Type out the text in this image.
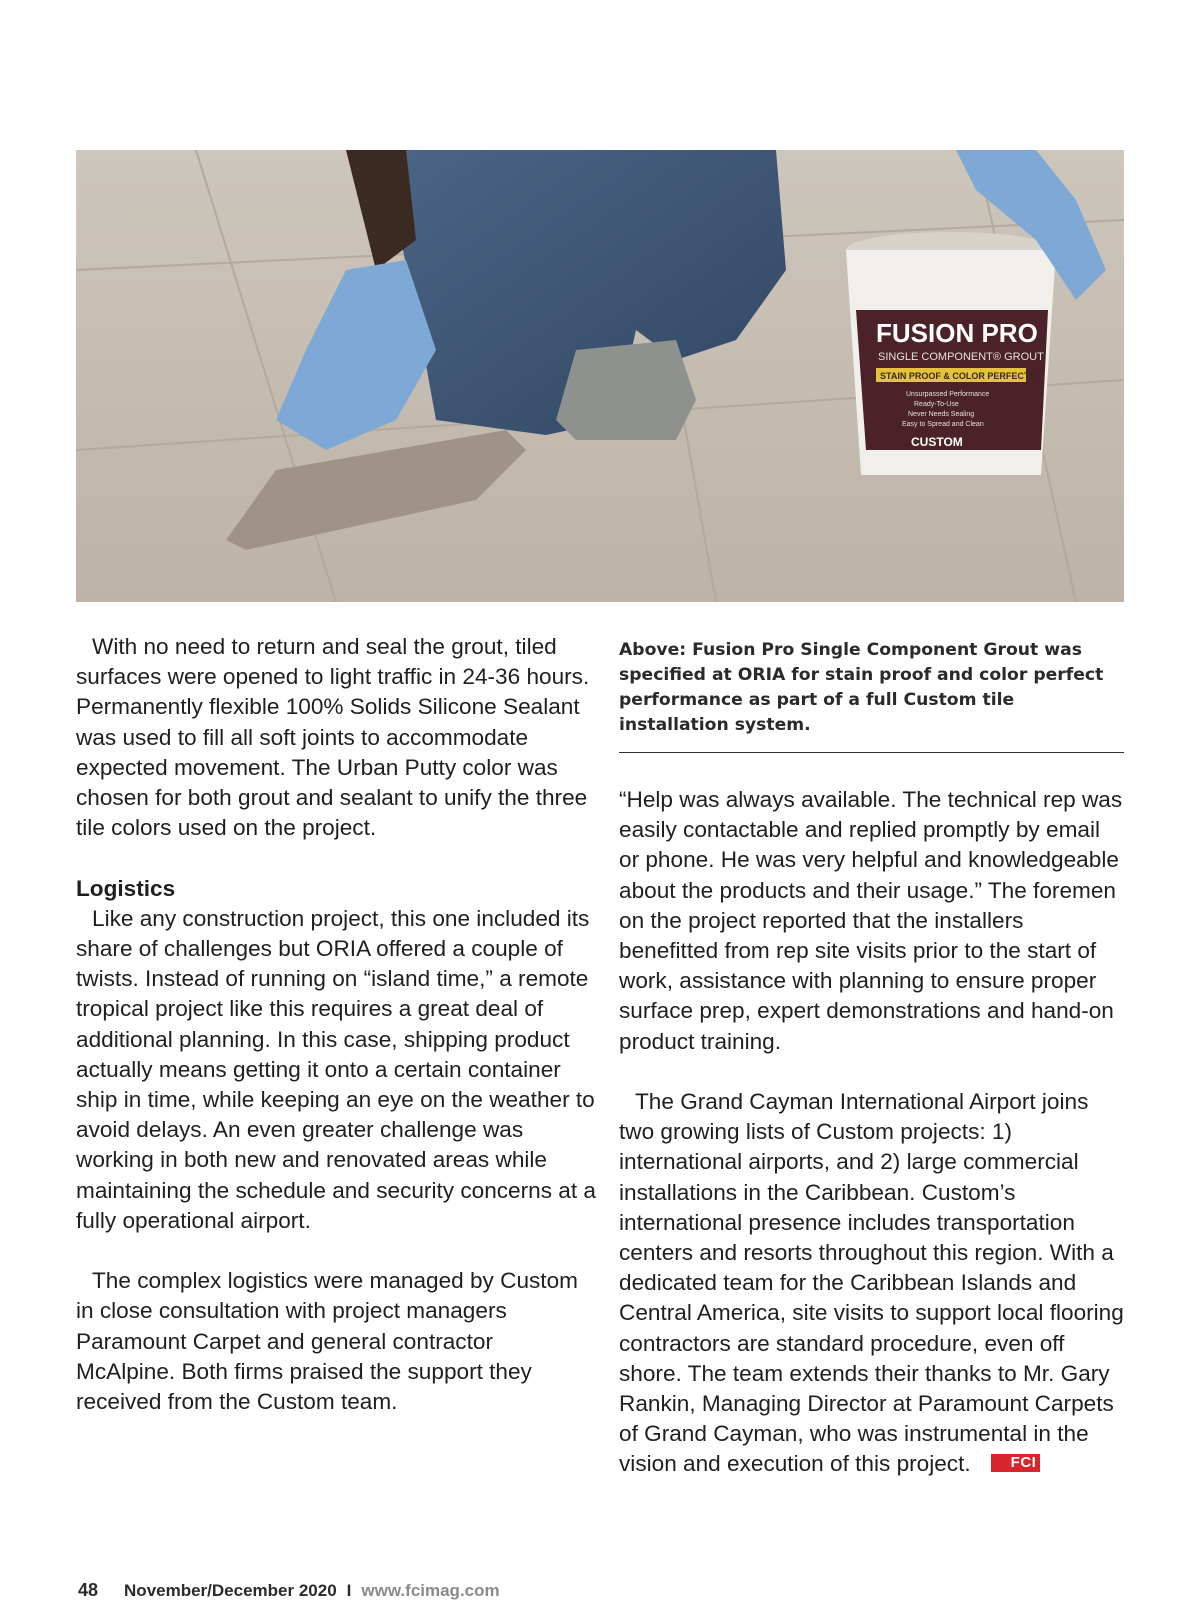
FUSION PRO
SINGLE COMPONENT® GROUT
STAIN PROOF & COLOR PERFECT®
Unsurpassed Performance
Ready-To-Use
Never Needs Sealing
Easy to Spread and Clean
CUSTOM

With no need to return and seal the grout, tiled surfaces were opened to light traffic in 24-36 hours. Permanently flexible 100% Solids Silicone Sealant was used to fill all soft joints to accommodate expected movement. The Urban Putty color was chosen for both grout and sealant to unify the three tile colors used on the project.

Logistics

Like any construction project, this one included its share of challenges but ORIA offered a couple of twists. Instead of running on “island time,” a remote tropical project like this requires a great deal of additional planning. In this case, shipping product actually means getting it onto a certain container ship in time, while keeping an eye on the weather to avoid delays. An even greater challenge was working in both new and renovated areas while maintaining the schedule and security concerns at a fully operational airport.

The complex logistics were managed by Custom in close consultation with project managers Paramount Carpet and general contractor McAlpine. Both firms praised the support they received from the Custom team.

Above: Fusion Pro Single Component Grout was specified at ORIA for stain proof and color perfect performance as part of a full Custom tile installation system.

“Help was always available. The technical rep was easily contactable and replied promptly by email or phone. He was very helpful and knowledgeable about the products and their usage.” The foremen on the project reported that the installers benefitted from rep site visits prior to the start of work, assistance with planning to ensure proper surface prep, expert demonstrations and hand-on product training.

The Grand Cayman International Airport joins two growing lists of Custom projects: 1) international airports, and 2) large commercial installations in the Caribbean. Custom’s international presence includes transportation centers and resorts throughout this region. With a dedicated team for the Caribbean Islands and Central America, site visits to support local flooring contractors are standard procedure, even off shore. The team extends their thanks to Mr. Gary Rankin, Managing Director at Paramount Carpets of Grand Cayman, who was instrumental in the vision and execution of this project.	FCI

48 November/December 2020 I www.fcimag.com
